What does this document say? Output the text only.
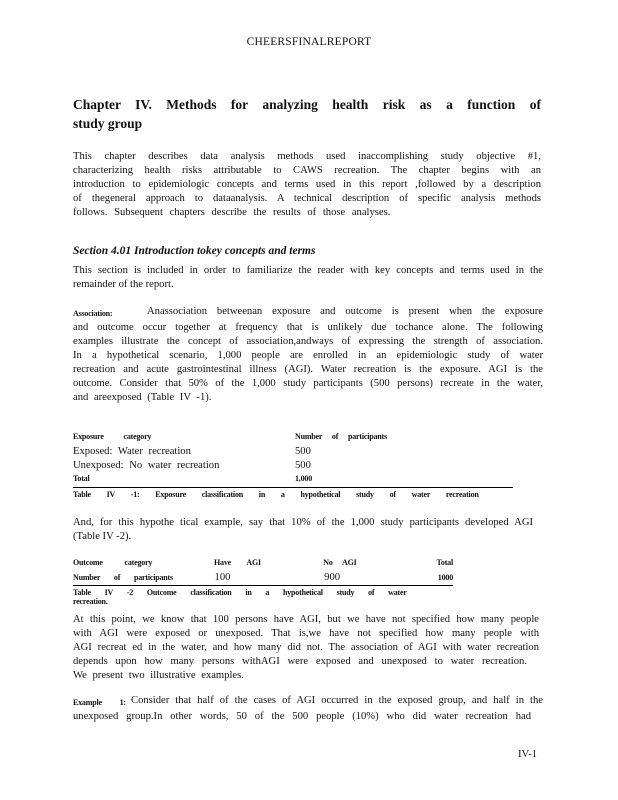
CHEERSFINALREPORT

Chapter IV. Methods for analyzing health risk as a function of

study group

This chapter describes data analysis methods used inaccomplishing study objective #1,

characterizing health risks attributable to CAWS recreation. The chapter begins with an

introduction to epidemiologic concepts and terms used in this report ,followed by a description

of thegeneral approach to dataanalysis. A technical description of specific analysis methods

follows. Subsequent chapters describe the results of those analyses.

Section 4.01 Introduction tokey concepts and terms

This section is included in order to familiarize the reader with key concepts and terms used in the

remainder of the report.

Association:	Anassociation betweenan exposure and outcome is present when the exposure

and outcome occur together at frequency that is unlikely due tochance alone. The following

examples illustrate the concept of association,andways of expressing the strength of association.

In a hypothetical scenario, 1,000 people are enrolled in an epidemiologic study of water

recreation and acute gastrointestinal illness (AGI). Water recreation is the exposure. AGI is the

outcome. Consider that 50% of the 1,000 study participants (500 persons) recreate in the water,

and areexposed (Table IV -1).

Exposure category	Number of participants
Exposed: Water recreation	500
Unexposed: No water recreation	500
Total	1,000
Table IV -1: Exposure classification in a hypothetical study of water recreation

And, for this hypothe tical example, say that 10% of the 1,000 study participants developed AGI

(Table IV -2).

Outcome category	Have AGI	No AGI	Total
Number of participants	100	900	1000
Table IV -2 Outcome classification in a hypothetical study of water recreation.

At this point, we know that 100 persons have AGI, but we have not specified how many people

with AGI were exposed or unexposed. That is,we have not specified how many people with

AGI recreat ed in the water, and how many did not. The association of AGI with water recreation

depends upon how many persons withAGI were exposed and unexposed to water recreation.

We present two illustrative examples.

Example 1: Consider that half of the cases of AGI occurred in the exposed group, and half in the

unexposed group.In other words, 50 of the 500 people (10%) who did water recreation had

IV-1
